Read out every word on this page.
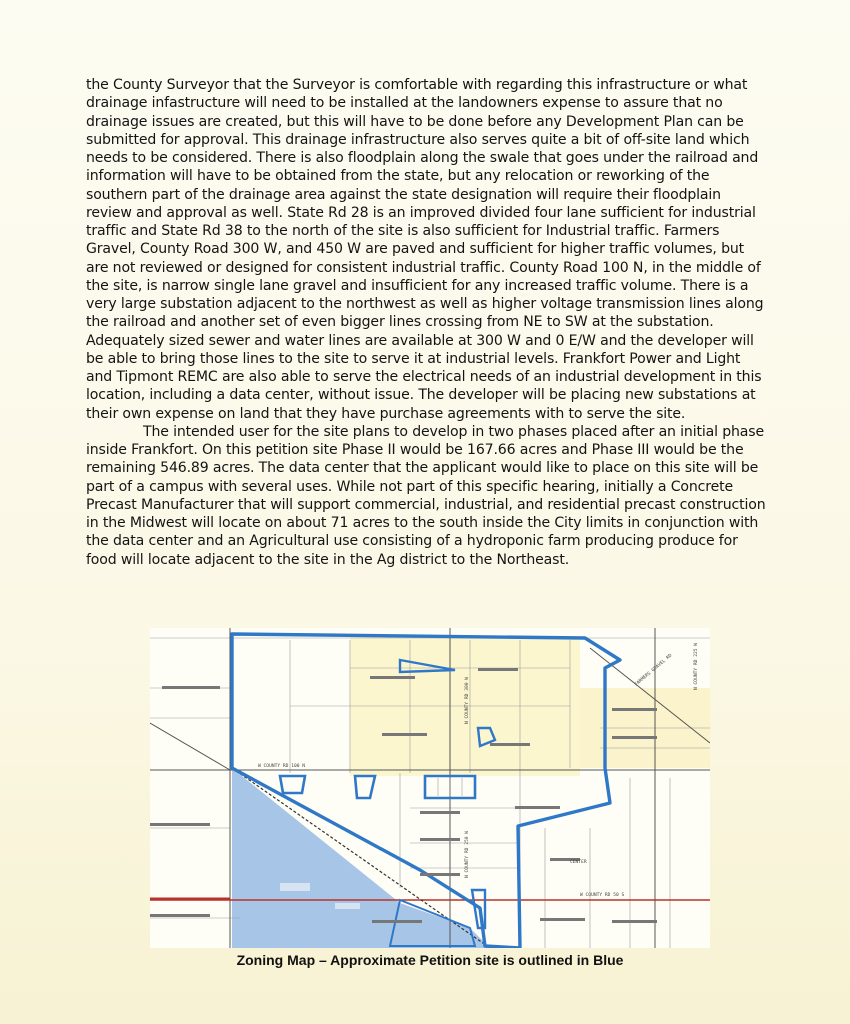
the County Surveyor that the Surveyor is comfortable with regarding this infrastructure or what drainage infastructure will need to be installed at the landowners expense to assure that no drainage issues are created, but this will have to be done before any Development Plan can be submitted for approval. This drainage infrastructure also serves quite a bit of off-site land which needs to be considered. There is also floodplain along the swale that goes under the railroad and information will have to be obtained from the state, but any relocation or reworking of the southern part of the drainage area against the state designation will require their floodplain review and approval as well. State Rd 28 is an improved divided four lane sufficient for industrial traffic and State Rd 38 to the north of the site is also sufficient for Industrial traffic. Farmers Gravel, County Road 300 W, and 450 W are paved and sufficient for higher traffic volumes, but are not reviewed or designed for consistent industrial traffic. County Road 100 N, in the middle of the site, is narrow single lane gravel and insufficient for any increased traffic volume. There is a very large substation adjacent to the northwest as well as higher voltage transmission lines along the railroad and another set of even bigger lines crossing from NE to SW at the substation. Adequately sized sewer and water lines are available at 300 W and 0 E/W and the developer will be able to bring those lines to the site to serve it at industrial levels. Frankfort Power and Light and Tipmont REMC are also able to serve the electrical needs of an industrial development in this location, including a data center, without issue. The developer will be placing new substations at their own expense on land that they have purchase agreements with to serve the site.

The intended user for the site plans to develop in two phases placed after an initial phase inside Frankfort. On this petition site Phase II would be 167.66 acres and Phase III would be the remaining 546.89 acres. The data center that the applicant would like to place on this site will be part of a campus with several uses. While not part of this specific hearing, initially a Concrete Precast Manufacturer that will support commercial, industrial, and residential precast construction in the Midwest will locate on about 71 acres to the south inside the City limits in conjunction with the data center and an Agricultural use consisting of a hydroponic farm producing produce for food will locate adjacent to the site in the Ag district to the Northeast.

W COUNTY RD 100 N
W COUNTY RD 50 S
N COUNTY RD 300 W
N COUNTY RD 250 W
FARMERS GRAVEL RD	N COUNTY RD 225 W
CENTER
Zoning Map – Approximate Petition site is outlined in Blue
